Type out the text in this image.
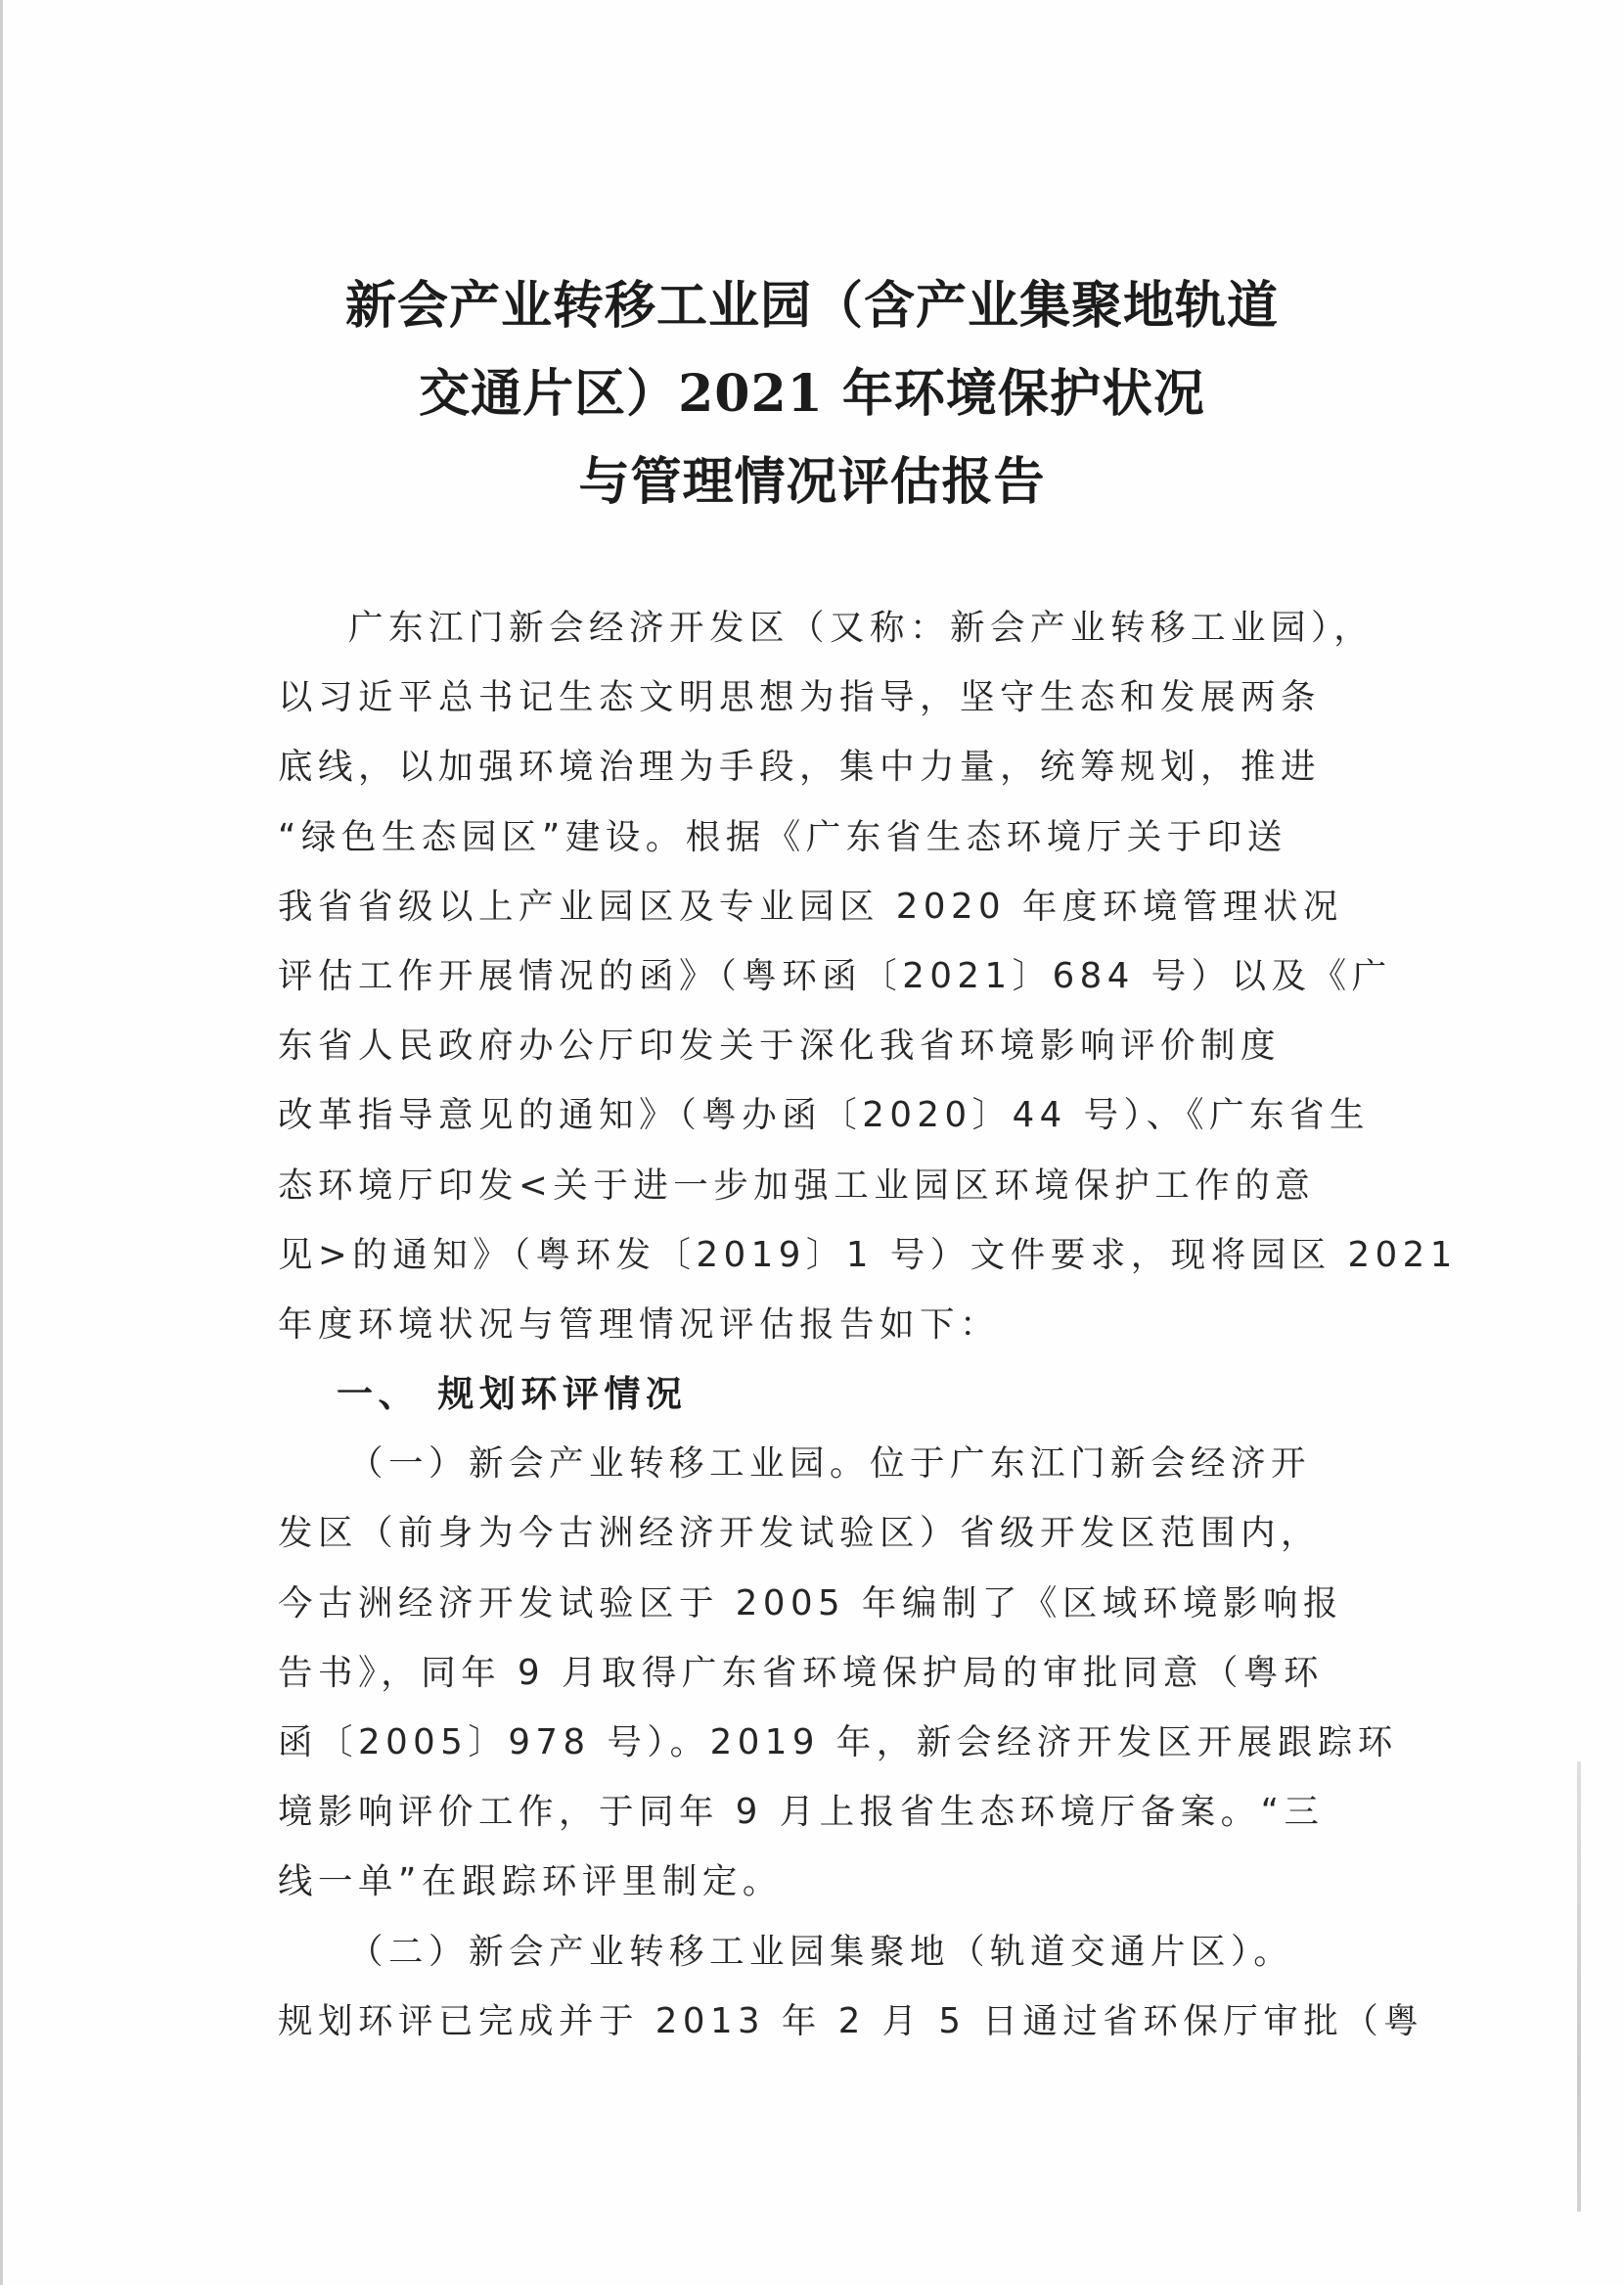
新会产业转移工业园（含产业集聚地轨道
交通片区）2021 年环境保护状况
与管理情况评估报告
广东江门新会经济开发区（又称：新会产业转移工业园），
以习近平总书记生态文明思想为指导，坚守生态和发展两条
底线，以加强环境治理为手段，集中力量，统筹规划，推进
“绿色生态园区”建设。根据《广东省生态环境厅关于印送
我省省级以上产业园区及专业园区 2020 年度环境管理状况
评估工作开展情况的函》（粤环函〔2021〕684 号）以及《广
东省人民政府办公厅印发关于深化我省环境影响评价制度
改革指导意见的通知》（粤办函〔2020〕44 号）、《广东省生
态环境厅印发<关于进一步加强工业园区环境保护工作的意
见>的通知》（粤环发〔2019〕1 号）文件要求，现将园区 2021
年度环境状况与管理情况评估报告如下：
一、 规划环评情况
（一）新会产业转移工业园。位于广东江门新会经济开
发区（前身为今古洲经济开发试验区）省级开发区范围内，
今古洲经济开发试验区于 2005 年编制了《区域环境影响报
告书》，同年 9 月取得广东省环境保护局的审批同意（粤环
函〔2005〕978 号）。2019 年，新会经济开发区开展跟踪环
境影响评价工作，于同年 9 月上报省生态环境厅备案。“三
线一单”在跟踪环评里制定。
（二）新会产业转移工业园集聚地（轨道交通片区）。
规划环评已完成并于 2013 年 2 月 5 日通过省环保厅审批（粤
